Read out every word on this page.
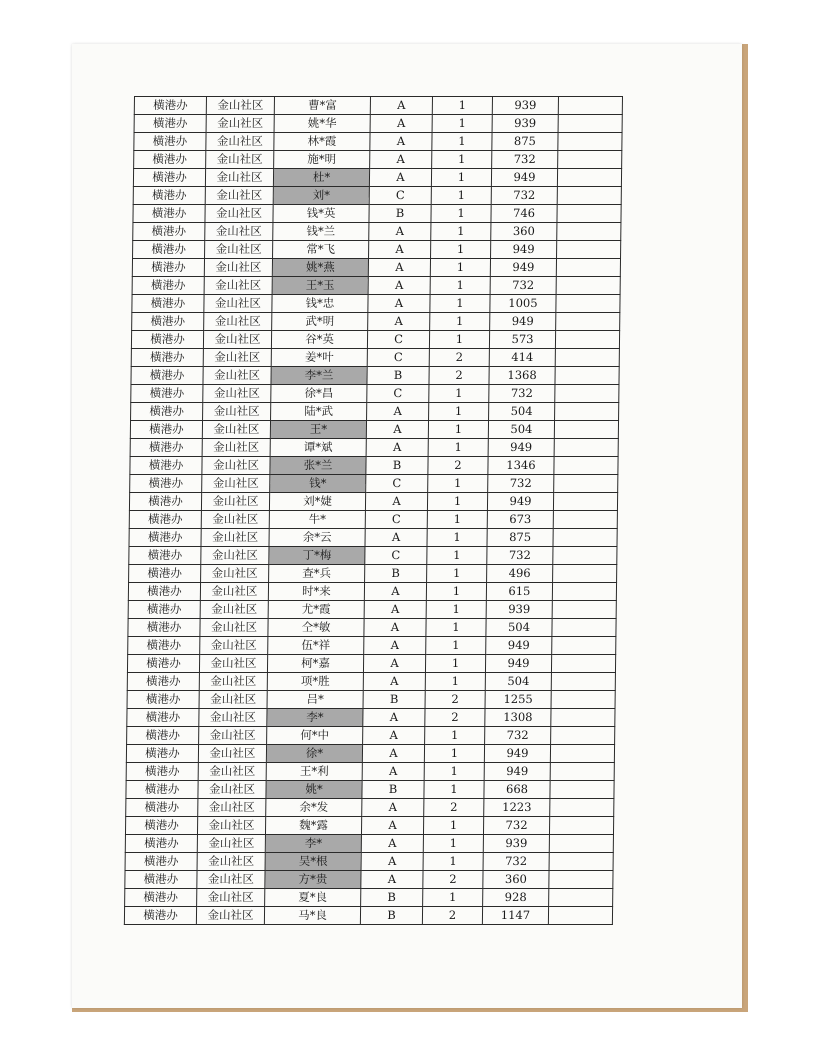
横港办	金山社区	曹*富	A	1	939	
横港办	金山社区	姚*华	A	1	939	
横港办	金山社区	林*霞	A	1	875	
横港办	金山社区	施*明	A	1	732	
横港办	金山社区	杜*	A	1	949	
横港办	金山社区	刘*	C	1	732	
横港办	金山社区	钱*英	B	1	746	
横港办	金山社区	钱*兰	A	1	360	
横港办	金山社区	常*飞	A	1	949	
横港办	金山社区	姚*燕	A	1	949	
横港办	金山社区	王*玉	A	1	732	
横港办	金山社区	钱*忠	A	1	1005	
横港办	金山社区	武*明	A	1	949	
横港办	金山社区	谷*英	C	1	573	
横港办	金山社区	姜*叶	C	2	414	
横港办	金山社区	李*兰	B	2	1368	
横港办	金山社区	徐*昌	C	1	732	
横港办	金山社区	陆*武	A	1	504	
横港办	金山社区	王*	A	1	504	
横港办	金山社区	谭*斌	A	1	949	
横港办	金山社区	张*兰	B	2	1346	
横港办	金山社区	钱*	C	1	732	
横港办	金山社区	刘*婕	A	1	949	
横港办	金山社区	牛*	C	1	673	
横港办	金山社区	余*云	A	1	875	
横港办	金山社区	丁*梅	C	1	732	
横港办	金山社区	查*兵	B	1	496	
横港办	金山社区	时*来	A	1	615	
横港办	金山社区	尤*霞	A	1	939	
横港办	金山社区	仝*敏	A	1	504	
横港办	金山社区	伍*祥	A	1	949	
横港办	金山社区	柯*嘉	A	1	949	
横港办	金山社区	项*胜	A	1	504	
横港办	金山社区	吕*	B	2	1255	
横港办	金山社区	李*	A	2	1308	
横港办	金山社区	何*中	A	1	732	
横港办	金山社区	徐*	A	1	949	
横港办	金山社区	王*利	A	1	949	
横港办	金山社区	姚*	B	1	668	
横港办	金山社区	余*发	A	2	1223	
横港办	金山社区	魏*露	A	1	732	
横港办	金山社区	李*	A	1	939	
横港办	金山社区	吴*根	A	1	732	
横港办	金山社区	方*贵	A	2	360	
横港办	金山社区	夏*良	B	1	928	
横港办	金山社区	马*良	B	2	1147	
